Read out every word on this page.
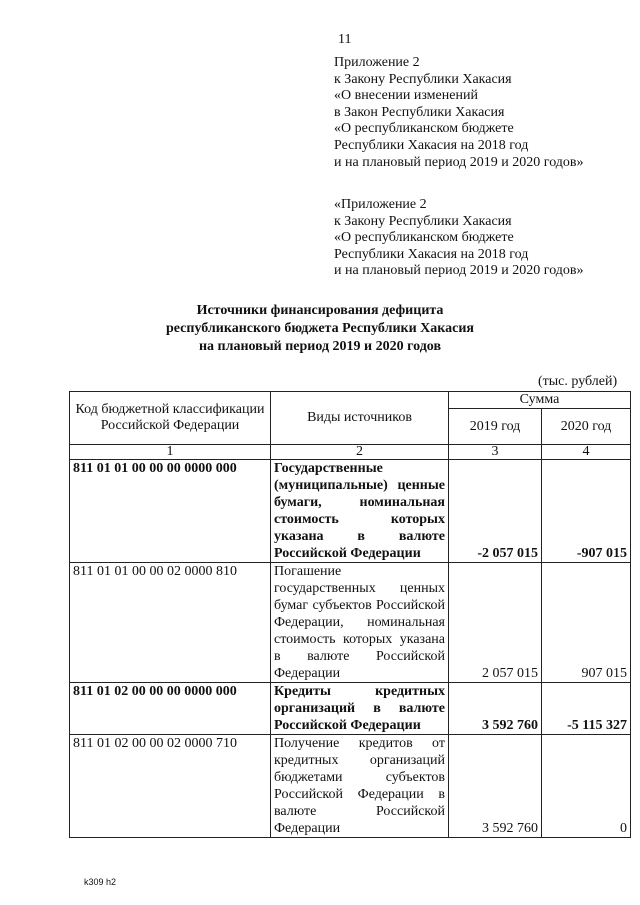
11
Приложение 2
к Закону Республики Хакасия
«О внесении изменений
в Закон Республики Хакасия
«О республиканском бюджете
Республики Хакасия на 2018 год
и на плановый период 2019 и 2020 годов»
«Приложение 2
к Закону Республики Хакасия
«О республиканском бюджете
Республики Хакасия на 2018 год
и на плановый период 2019 и 2020 годов»
Источники финансирования дефицита
республиканского бюджета Республики Хакасия
на плановый период 2019 и 2020 годов
(тыс. рублей)
Код бюджетной классификации Российской Федерации	Виды источников	Сумма	
		2019 год	2020 год
1	2	3	4
811 01 01 00 00 00 0000 000	Государственные (муниципальные) ценные бумаги, номинальная стоимость которых указана в валюте Российской Федерации	-2 057 015	-907 015
811 01 01 00 00 02 0000 810	Погашение государственных ценных бумаг субъектов Российской Федерации, номинальная стоимость которых указана в валюте Российской Федерации	2 057 015	907 015
811 01 02 00 00 00 0000 000	Кредиты кредитных организаций в валюте Российской Федерации	3 592 760	-5 115 327
811 01 02 00 00 02 0000 710	Получение кредитов от кредитных организаций бюджетами субъектов Российской Федерации в валюте Российской Федерации	3 592 760	0
k309 h2
